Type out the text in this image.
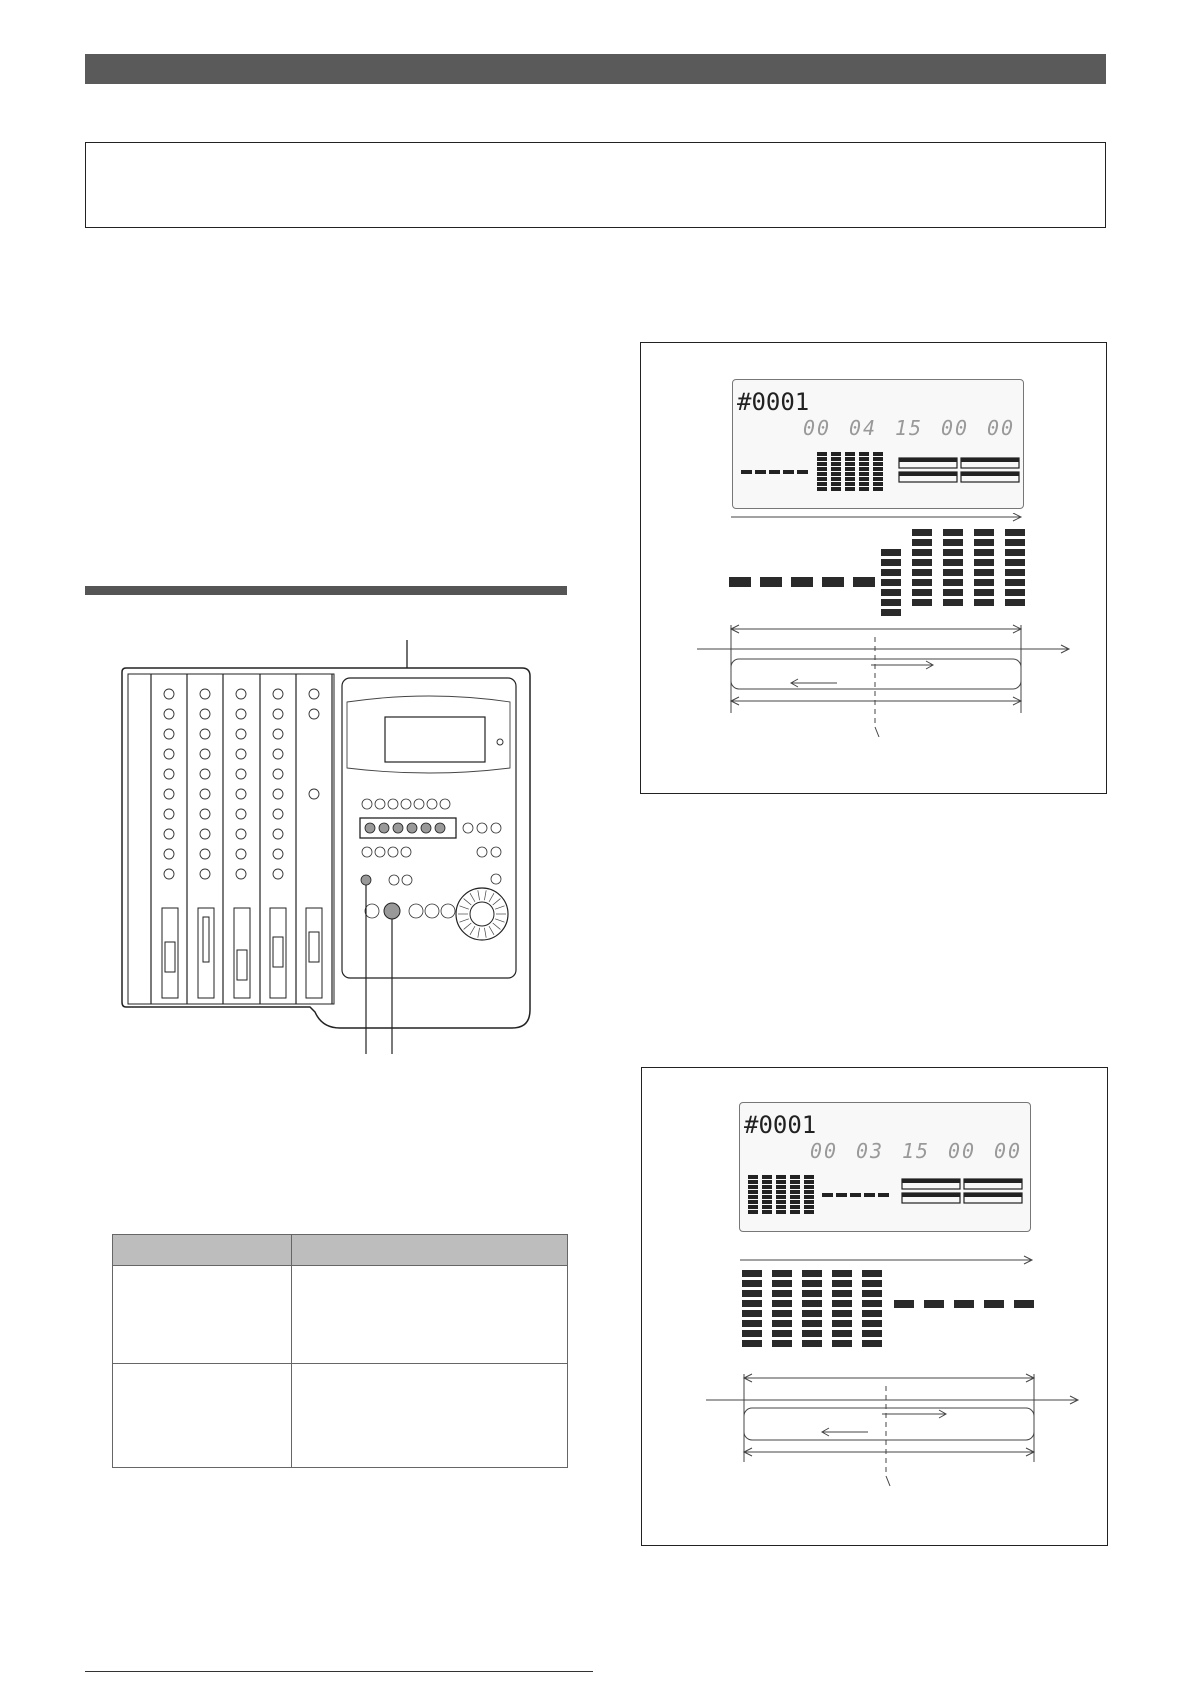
#0001
00 04 15 00 00
#0001
00 03 15 00 00
